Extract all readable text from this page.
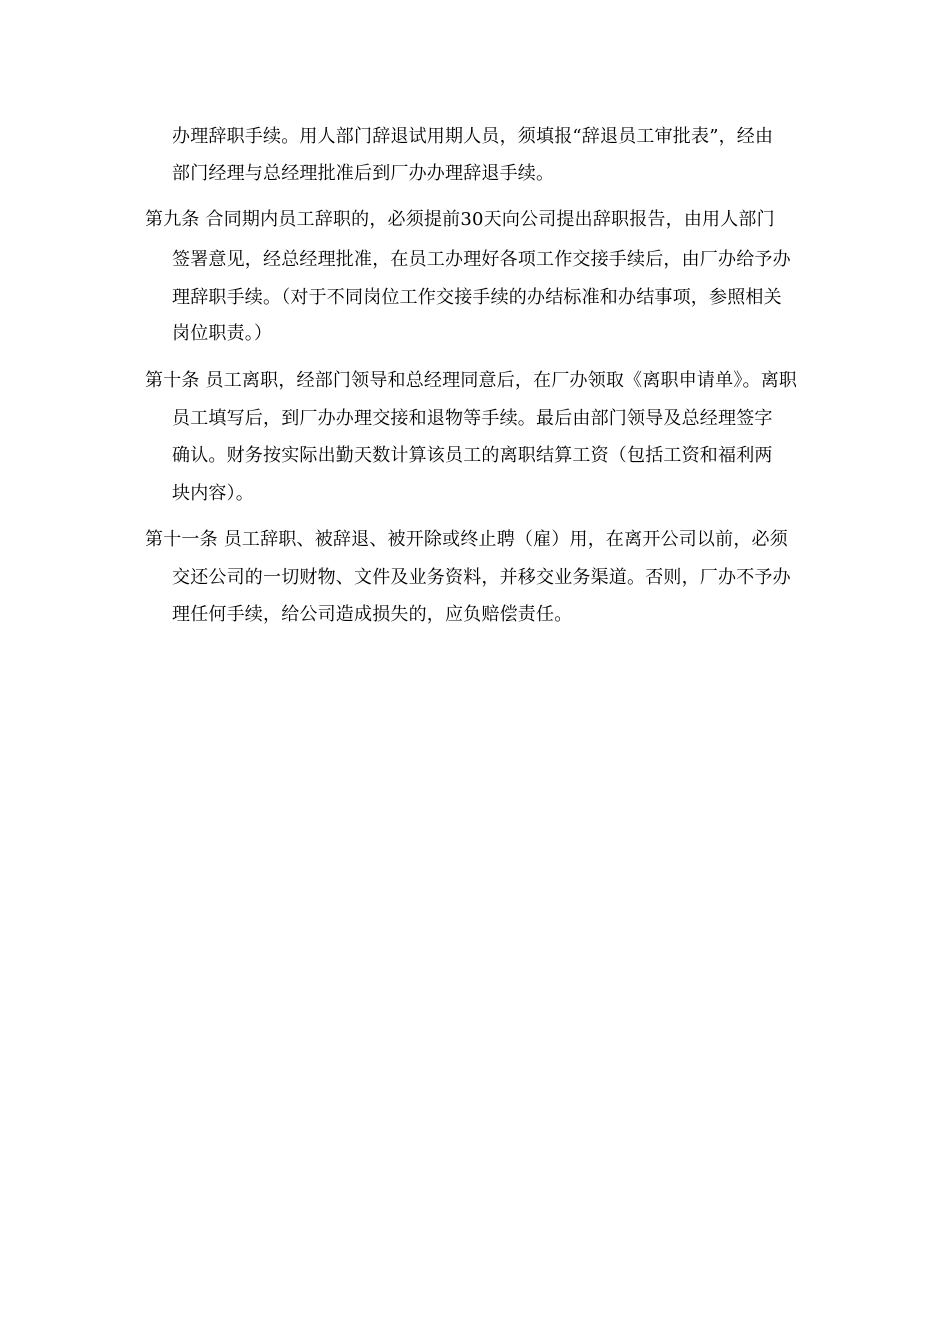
办理辞职手续。用人部门辞退试用期人员，须填报“辞退员工审批表”，经由
部门经理与总经理批准后到厂办办理辞退手续。
第九条 合同期内员工辞职的，必须提前30天向公司提出辞职报告，由用人部门
签署意见，经总经理批准，在员工办理好各项工作交接手续后，由厂办给予办
理辞职手续。（对于不同岗位工作交接手续的办结标准和办结事项，参照相关
岗位职责。）
第十条 员工离职，经部门领导和总经理同意后，在厂办领取《离职申请单》。离职
员工填写后，到厂办办理交接和退物等手续。最后由部门领导及总经理签字
确认。财务按实际出勤天数计算该员工的离职结算工资（包括工资和福利两
块内容）。
第十一条 员工辞职、被辞退、被开除或终止聘（雇）用，在离开公司以前，必须
交还公司的一切财物、文件及业务资料，并移交业务渠道。否则，厂办不予办
理任何手续，给公司造成损失的，应负赔偿责任。
